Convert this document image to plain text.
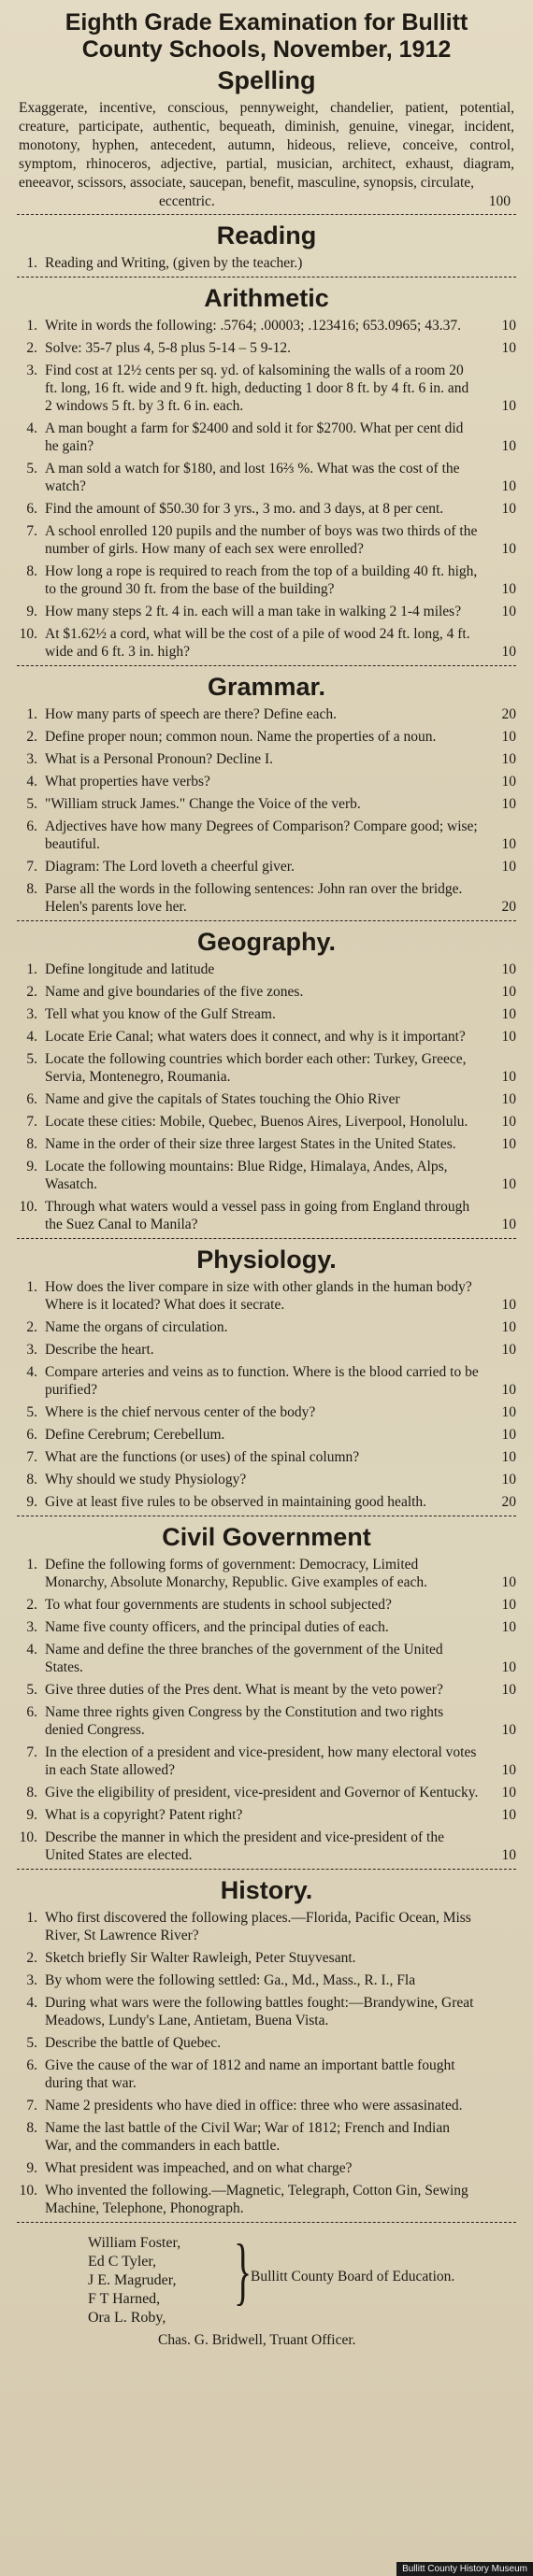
Eighth Grade Examination for Bullitt County Schools, November, 1912
Spelling
Exaggerate, incentive, conscious, pennyweight, chandelier, patient, potential, creature, participate, authentic, bequeath, diminish, genuine, vinegar, incident, monotony, hyphen, antecedent, autumn, hideous, relieve, conceive, control, symptom, rhinoceros, adjective, partial, musician, architect, exhaust, diagram, eneeavor, scissors, associate, saucepan, benefit, masculine, synopsis, circulate,
eccentric.	100
Reading
1. Reading and Writing, (given by the teacher.)
Arithmetic
1. Write in words the following: .5764; .00003; .123416; 653.0965; 43.37.	10
2. Solve: 35-7 plus 4, 5-8 plus 5-14 – 5 9-12.	10
3. Find cost at 12½ cents per sq. yd. of kalsomining the walls of a room 20 ft. long, 16 ft. wide and 9 ft. high, deducting 1 door 8 ft. by 4 ft. 6 in. and 2 windows 5 ft. by 3 ft. 6 in. each.	10
4. A man bought a farm for $2400 and sold it for $2700. What per cent did he gain?	10
5. A man sold a watch for $180, and lost 16⅔ %. What was the cost of the watch?	10
6. Find the amount of $50.30 for 3 yrs., 3 mo. and 3 days, at 8 per cent.	10
7. A school enrolled 120 pupils and the number of boys was two thirds of the number of girls. How many of each sex were enrolled?	10
8. How long a rope is required to reach from the top of a building 40 ft. high, to the ground 30 ft. from the base of the building?	10
9. How many steps 2 ft. 4 in. each will a man take in walking 2 1-4 miles?	10
10. At $1.62½ a cord, what will be the cost of a pile of wood 24 ft. long, 4 ft. wide and 6 ft. 3 in. high?	10
Grammar.
1. How many parts of speech are there? Define each.	20
2. Define proper noun; common noun. Name the properties of a noun.	10
3. What is a Personal Pronoun? Decline I.	10
4. What properties have verbs?	10
5. "William struck James." Change the Voice of the verb.	10
6. Adjectives have how many Degrees of Comparison? Compare good; wise; beautiful.	10
7. Diagram: The Lord loveth a cheerful giver.	10
8. Parse all the words in the following sentences: John ran over the bridge. Helen's parents love her.	20
Geography.
1. Define longitude and latitude	10
2. Name and give boundaries of the five zones.	10
3. Tell what you know of the Gulf Stream.	10
4. Locate Erie Canal; what waters does it connect, and why is it important?	10
5. Locate the following countries which border each other: Turkey, Greece, Servia, Montenegro, Roumania.	10
6. Name and give the capitals of States touching the Ohio River	10
7. Locate these cities: Mobile, Quebec, Buenos Aires, Liverpool, Honolulu.	10
8. Name in the order of their size three largest States in the United States.	10
9. Locate the following mountains: Blue Ridge, Himalaya, Andes, Alps, Wasatch.	10
10. Through what waters would a vessel pass in going from England through the Suez Canal to Manila?	10
Physiology.
1. How does the liver compare in size with other glands in the human body? Where is it located? What does it secrate.	10
2. Name the organs of circulation.	10
3. Describe the heart.	10
4. Compare arteries and veins as to function. Where is the blood carried to be purified?	10
5. Where is the chief nervous center of the body?	10
6. Define Cerebrum; Cerebellum.	10
7. What are the functions (or uses) of the spinal column?	10
8. Why should we study Physiology?	10
9. Give at least five rules to be observed in maintaining good health.	20
Civil Government
1. Define the following forms of government: Democracy, Limited Monarchy, Absolute Monarchy, Republic. Give examples of each.	10
2. To what four governments are students in school subjected?	10
3. Name five county officers, and the principal duties of each.	10
4. Name and define the three branches of the government of the United States.	10
5. Give three duties of the Pres dent. What is meant by the veto power?	10
6. Name three rights given Congress by the Constitution and two rights denied Congress.	10
7. In the election of a president and vice-president, how many electoral votes in each State allowed?	10
8. Give the eligibility of president, vice-president and Governor of Kentucky.	10
9. What is a copyright? Patent right?	10
10. Describe the manner in which the president and vice-president of the United States are elected.	10
History.
1. Who first discovered the following places.—Florida, Pacific Ocean, Miss River, St Lawrence River?
2. Sketch briefly Sir Walter Rawleigh, Peter Stuyvesant.
3. By whom were the following settled: Ga., Md., Mass., R. I., Fla
4. During what wars were the following battles fought:—Brandywine, Great Meadows, Lundy's Lane, Antietam, Buena Vista.
5. Describe the battle of Quebec.
6. Give the cause of the war of 1812 and name an important battle fought during that war.
7. Name 2 presidents who have died in office: three who were assasinated.
8. Name the last battle of the Civil War; War of 1812; French and Indian War, and the commanders in each battle.
9. What president was impeached, and on what charge?
10. Who invented the following.—Magnetic, Telegraph, Cotton Gin, Sewing Machine, Telephone, Phonograph.
William Foster,
Ed C Tyler,
J E. Magruder,
F T Harned,
Ora L. Roby,
}
Bullitt County Board of Education.
Chas. G. Bridwell, Truant Officer.
Bullitt County History Museum
